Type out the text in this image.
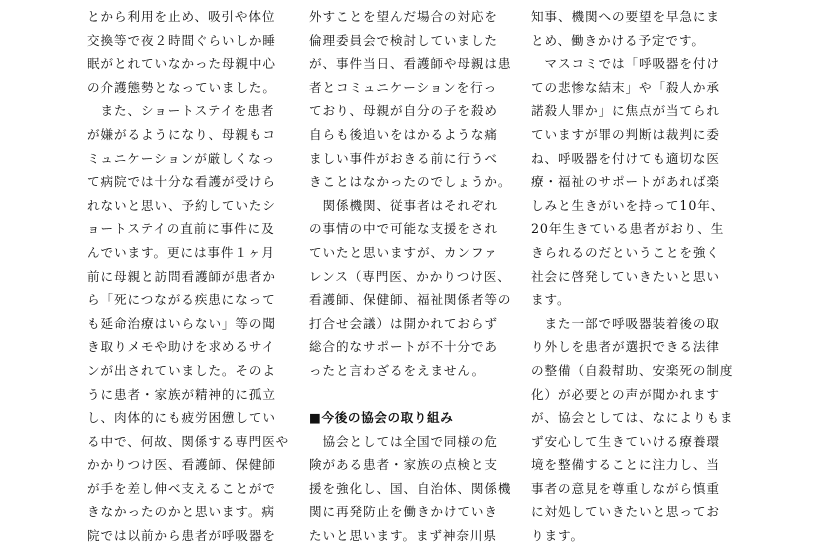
とから利用を止め、吸引や体位
交換等で夜２時間ぐらいしか睡
眠がとれていなかった母親中心
の介護態勢となっていました。
　また、ショートステイを患者
が嫌がるようになり、母親もコ
ミュニケーションが厳しくなっ
て病院では十分な看護が受けら
れないと思い、予約していたシ
ョートステイの直前に事件に及
んでいます。更には事件１ヶ月
前に母親と訪問看護師が患者か
ら「死につながる疾患になって
も延命治療はいらない」等の聞
き取りメモや助けを求めるサイ
ンが出されていました。そのよ
うに患者・家族が精神的に孤立
し、肉体的にも疲労困憊してい
る中で、何故、関係する専門医や
かかりつけ医、看護師、保健師
が手を差し伸べ支えることがで
きなかったのかと思います。病
院では以前から患者が呼吸器を
外すことを望んだ場合の対応を
倫理委員会で検討していました
が、事件当日、看護師や母親は患
者とコミュニケーションを行っ
ており、母親が自分の子を殺め
自らも後追いをはかるような痛
ましい事件がおきる前に行うべ
きことはなかったのでしょうか。
　関係機関、従事者はそれぞれ
の事情の中で可能な支援をされ
ていたと思いますが、カンファ
レンス（専門医、かかりつけ医、
看護師、保健師、福祉関係者等の
打合せ会議）は開かれておらず
総合的なサポートが不十分であ
ったと言わざるをえません。
■今後の協会の取り組み
　協会としては全国で同様の危
険がある患者・家族の点検と支
援を強化し、国、自治体、関係機
関に再発防止を働きかけていき
たいと思います。まず神奈川県
知事、機関への要望を早急にま
とめ、働きかける予定です。
　マスコミでは「呼吸器を付け
ての悲惨な結末」や「殺人か承
諾殺人罪か」に焦点が当てられ
ていますが罪の判断は裁判に委
ね、呼吸器を付けても適切な医
療・福祉のサポートがあれば楽
しみと生きがいを持って10年、
20年生きている患者がおり、生
きられるのだということを強く
社会に啓発していきたいと思い
ます。
　また一部で呼吸器装着後の取
り外しを患者が選択できる法律
の整備（自殺幇助、安楽死の制度
化）が必要との声が聞かれます
が、協会としては、なによりもま
ず安心して生きていける療養環
境を整備することに注力し、当
事者の意見を尊重しながら慎重
に対処していきたいと思ってお
ります。
